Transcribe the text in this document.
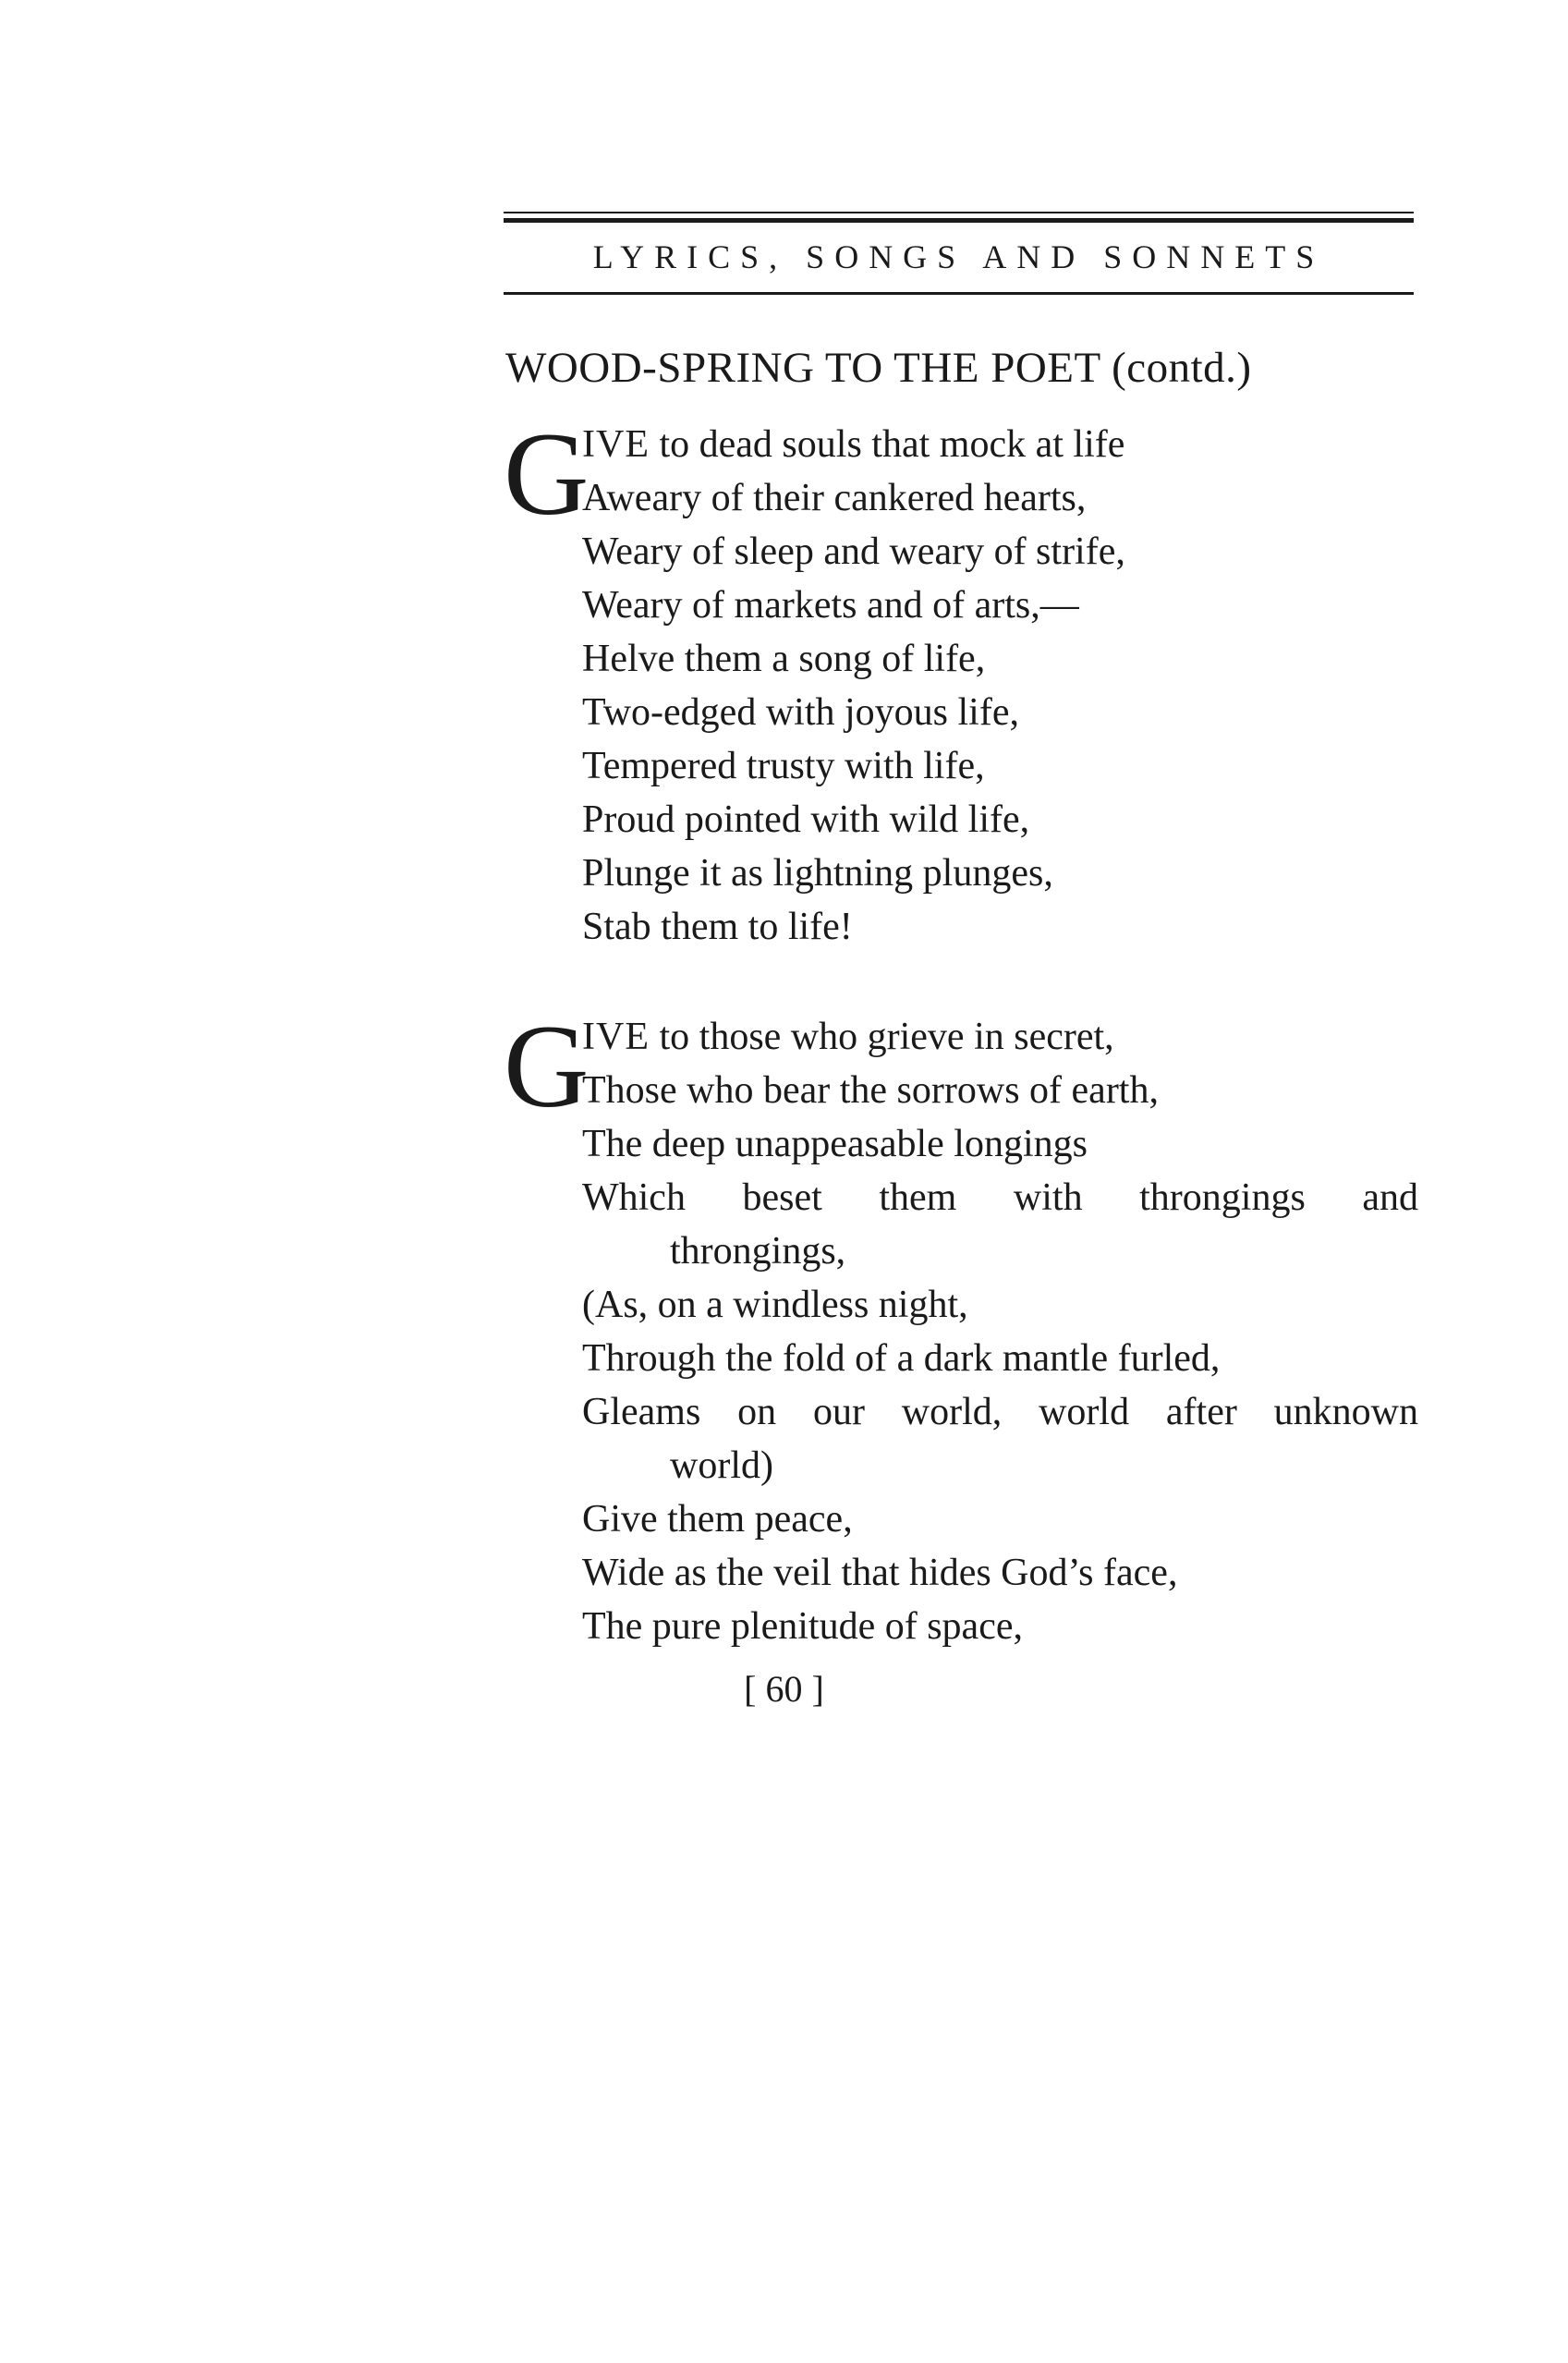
LYRICS, SONGS AND SONNETS
WOOD-SPRING TO THE POET (contd.)
G
IVE to dead souls that mock at life
Aweary of their cankered hearts,
Weary of sleep and weary of strife,
Weary of markets and of arts,—
Helve them a song of life,
Two-edged with joyous life,
Tempered trusty with life,
Proud pointed with wild life,
Plunge it as lightning plunges,
Stab them to life!
G
IVE to those who grieve in secret,
Those who bear the sorrows of earth,
The deep unappeasable longings
Which beset them with throngings and
throngings,
(As, on a windless night,
Through the fold of a dark mantle furled,
Gleams on our world, world after unknown
world)
Give them peace,
Wide as the veil that hides God’s face,
The pure plenitude of space,
[ 60 ]
